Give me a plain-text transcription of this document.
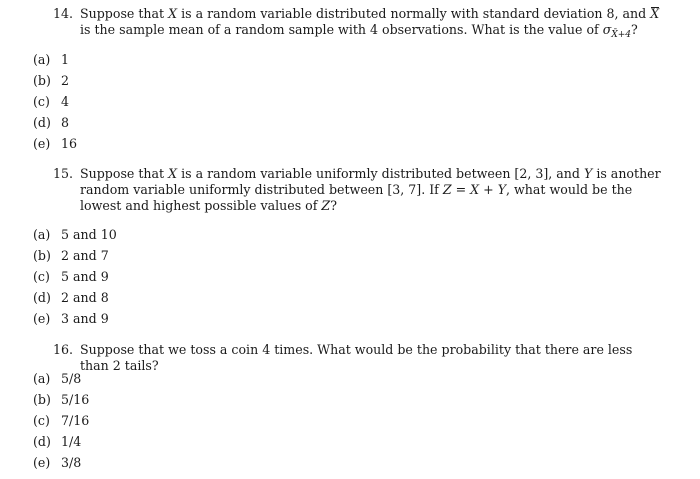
14. Suppose that X is a random variable distributed normally with standard deviation 8, and X is the sample mean of a random sample with 4 observations. What is the value of $\sigma_{X̄+4}$?

(a) 1
(b) 2
(c) 4
(d) 8
(e) 16

15. Suppose that X is a random variable uniformly distributed between [2, 3], and Y is another random variable uniformly distributed between [3, 7]. If Z = X + Y, what would be the lowest and highest possible values of Z?

(a) 5 and 10
(b) 2 and 7
(c) 5 and 9
(d) 2 and 8
(e) 3 and 9

16. Suppose that we toss a coin 4 times. What would be the probability that there are less than 2 tails?

(a) 5/8
(b) 5/16
(c) 7/16
(d) 1/4
(e) 3/8
